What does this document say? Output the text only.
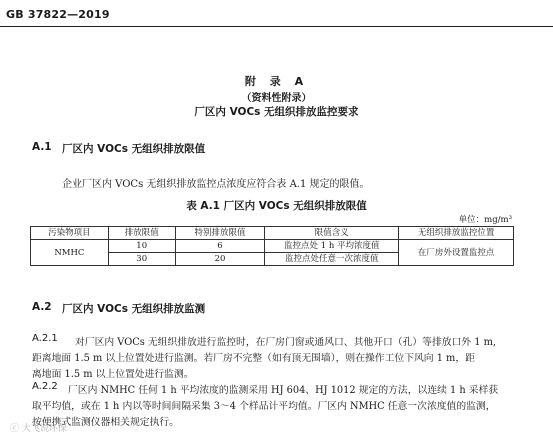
GB 37822—2019
附 录 A
（资料性附录）
厂区内 VOCs 无组织排放监控要求
A.1 厂区内 VOCs 无组织排放限值
企业厂区内 VOCs 无组织排放监控点浓度应符合表 A.1 规定的限值。
表 A.1 厂区内 VOCs 无组织排放限值
单位：mg/m³
污染物项目	排放限值	特别排放限值	限值含义	无组织排放监控位置
NMHC	10	6	监控点处 1 h 平均浓度值	在厂房外设置监控点
	30	20	监控点处任意一次浓度值	
A.2 厂区内 VOCs 无组织排放监测
A.2.1 对厂区内 VOCs 无组织排放进行监控时，在厂房门窗或通风口、其他开口（孔）等排放口外 1 m,
距离地面 1.5 m 以上位置处进行监测。若厂房不完整（如有顶无围墙），则在操作工位下风向 1 m，距
离地面 1.5 m 以上位置处进行监测。
A.2.2 厂区内 NMHC 任何 1 h 平均浓度的监测采用 HJ 604、HJ 1012 规定的方法，以连续 1 h 采样获
取平均值，或在 1 h 内以等时间间隔采集 3～4 个样品计平均值。厂区内 NMHC 任意一次浓度值的监测，
按便携式监测仪器相关规定执行。
ⓒ 大飞说环保
